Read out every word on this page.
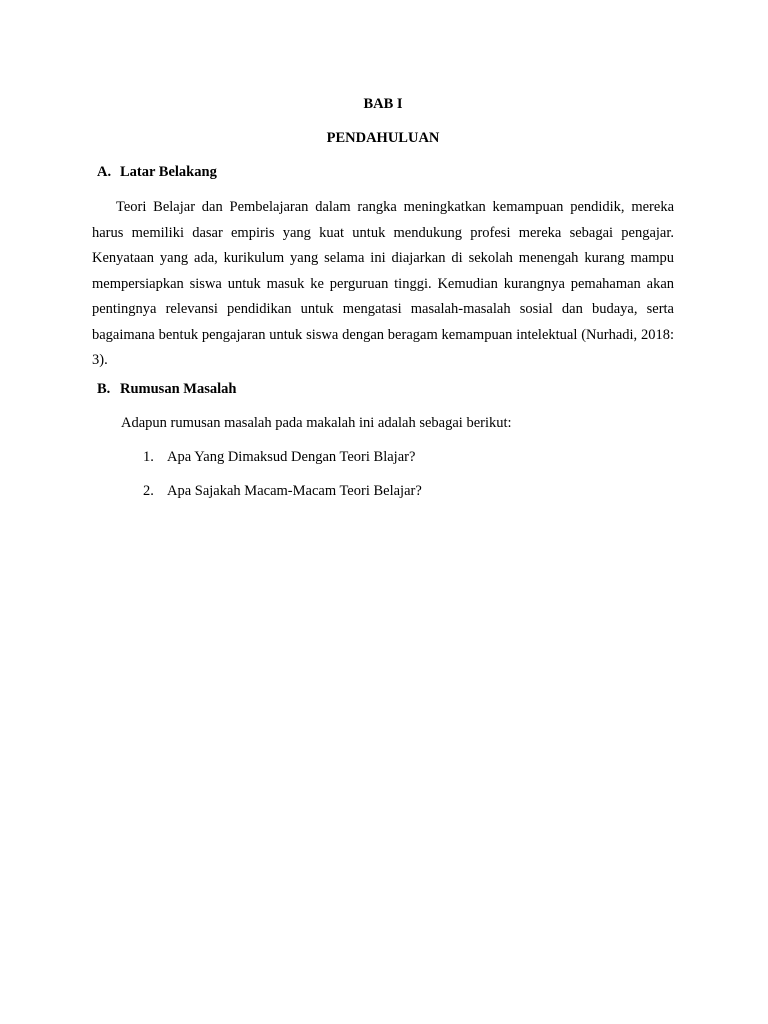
BAB I
PENDAHULUAN
A. Latar Belakang

Teori Belajar dan Pembelajaran dalam rangka meningkatkan kemampuan pendidik, mereka harus memiliki dasar empiris yang kuat untuk mendukung profesi mereka sebagai pengajar. Kenyataan yang ada, kurikulum yang selama ini diajarkan di sekolah menengah kurang mampu mempersiapkan siswa untuk masuk ke perguruan tinggi. Kemudian kurangnya pemahaman akan pentingnya relevansi pendidikan untuk mengatasi masalah-masalah sosial dan budaya, serta bagaimana bentuk pengajaran untuk siswa dengan beragam kemampuan intelektual (Nurhadi, 2018: 3).

B. Rumusan Masalah
Adapun rumusan masalah pada makalah ini adalah sebagai berikut:
1. Apa Yang Dimaksud Dengan Teori Blajar?
2. Apa Sajakah Macam-Macam Teori Belajar?
